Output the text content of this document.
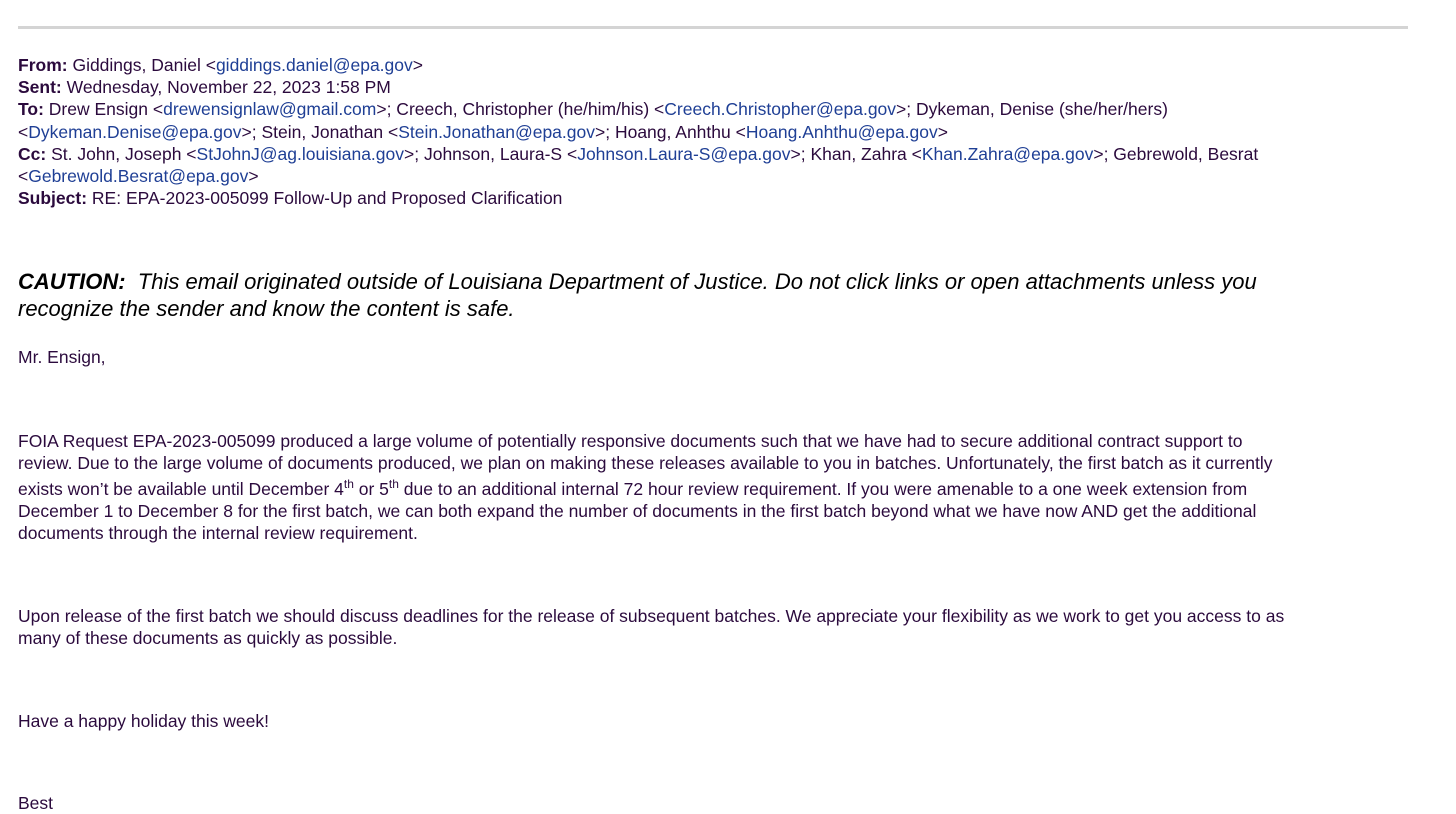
From: Giddings, Daniel <giddings.daniel@epa.gov>
Sent: Wednesday, November 22, 2023 1:58 PM
To: Drew Ensign <drewensignlaw@gmail.com>; Creech, Christopher (he/him/his) <Creech.Christopher@epa.gov>; Dykeman, Denise (she/her/hers)
<Dykeman.Denise@epa.gov>; Stein, Jonathan <Stein.Jonathan@epa.gov>; Hoang, Anhthu <Hoang.Anhthu@epa.gov>
Cc: St. John, Joseph <StJohnJ@ag.louisiana.gov>; Johnson, Laura-S <Johnson.Laura-S@epa.gov>; Khan, Zahra <Khan.Zahra@epa.gov>; Gebrewold, Besrat
<Gebrewold.Besrat@epa.gov>
Subject: RE: EPA-2023-005099 Follow-Up and Proposed Clarification
CAUTION: This email originated outside of Louisiana Department of Justice. Do not click links or open attachments unless you
recognize the sender and know the content is safe.
Mr. Ensign,
FOIA Request EPA-2023-005099 produced a large volume of potentially responsive documents such that we have had to secure additional contract support to
review. Due to the large volume of documents produced, we plan on making these releases available to you in batches. Unfortunately, the first batch as it currently
exists won’t be available until December 4th or 5th due to an additional internal 72 hour review requirement. If you were amenable to a one week extension from
December 1 to December 8 for the first batch, we can both expand the number of documents in the first batch beyond what we have now AND get the additional
documents through the internal review requirement.
Upon release of the first batch we should discuss deadlines for the release of subsequent batches. We appreciate your flexibility as we work to get you access to as
many of these documents as quickly as possible.
Have a happy holiday this week!
Best
